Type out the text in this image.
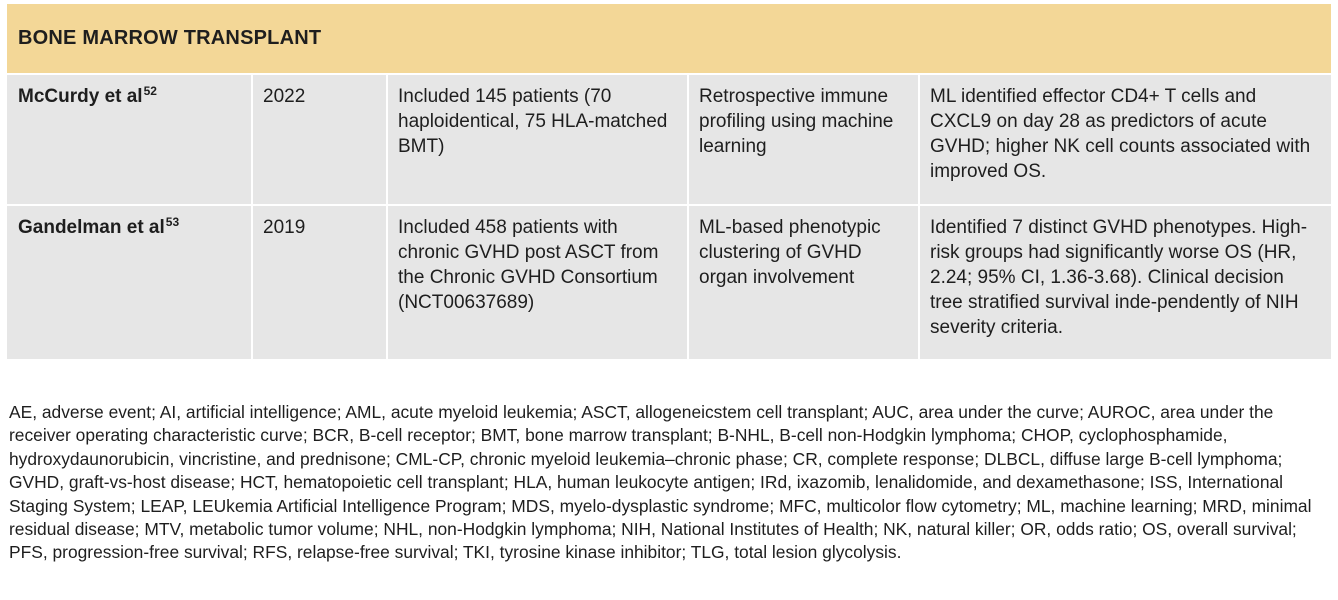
BONE MARROW TRANSPLANT				
McCurdy et $al^{52}$	2022	Included 145 patients (70 haploidentical, 75 HLA-matched BMT)	Retrospective immune profiling using machine learning	ML identified effector CD4+ T cells and CXCL9 on day 28 as predictors of acute GVHD; higher NK cell counts associated with improved OS.
Gandelman et $al^{53}$	2019	Included 458 patients with chronic GVHD post ASCT from the Chronic GVHD Consortium (NCT00637689)	ML-based phenotypic clustering of GVHD organ involvement	Identified 7 distinct GVHD phenotypes. High-risk groups had significantly worse OS (HR, 2.24; 95% CI, 1.36-3.68). Clinical decision tree stratified survival inde-pendently of NIH severity criteria.

AE, adverse event; AI, artificial intelligence; AML, acute myeloid leukemia; ASCT, allogeneicstem cell transplant; AUC, area under the curve; AUROC, area under the receiver operating characteristic curve; BCR, B-cell receptor; BMT, bone marrow transplant; B-NHL, B-cell non-Hodgkin lymphoma; CHOP, cyclophosphamide, hydroxydaunorubicin, vincristine, and prednisone; CML-CP, chronic myeloid leukemia–chronic phase; CR, complete response; DLBCL, diffuse large B-cell lymphoma; GVHD, graft-vs-host disease; HCT, hematopoietic cell transplant; HLA, human leukocyte antigen; IRd, ixazomib, lenalidomide, and dexamethasone; ISS, International Staging System; LEAP, LEUkemia Artificial Intelligence Program; MDS, myelo-dysplastic syndrome; MFC, multicolor flow cytometry; ML, machine learning; MRD, minimal residual disease; MTV, metabolic tumor volume; NHL, non-Hodgkin lymphoma; NIH, National Institutes of Health; NK, natural killer; OR, odds ratio; OS, overall survival; PFS, progression-free survival; RFS, relapse-free survival; TKI, tyrosine kinase inhibitor; TLG, total lesion glycolysis.
